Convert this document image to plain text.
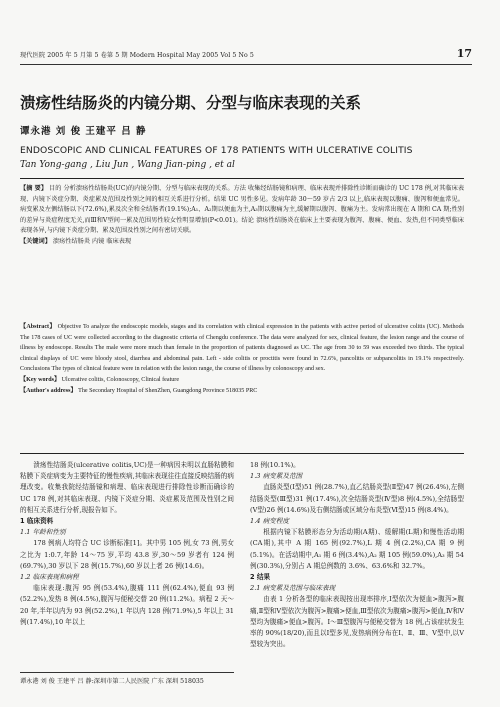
现代医院 2005 年 5 月第 5 卷第 5 期 Modern Hospital May 2005 Vol 5 No 5	17
溃疡性结肠炎的内镜分期、分型与临床表现的关系
谭永港 刘 俊 王建平 吕 静
ENDOSCOPIC AND CLINICAL FEATURES OF 178 PATIENTS WITH ULCERATIVE COLITIS
Tan Yong-gang , Liu Jun , Wang Jian-ping , et al
【摘 要】 目的 分析溃疡性结肠炎(UC)的内镜分期、分型与临床表现的关系。方法 收集经结肠镜和病理、临床表现并排除性诊断而确诊的 UC 178 例,对其临床表现、内镜下炎症分期、炎症累及范围及性别之间的相互关系进行分析。结果 UC 男性多见。发病年龄 30～59 岁占 2/3 以上,临床表现以腹痛、腹泻和便血常见。病变累及左侧结肠以下(72.6%),累及次全和全结肠者(19.1%);A₁、A₂期以便血为主,A₃期以腹痛为主,缓解期以腹泻、腹痛为主。发病常出现在 A 期和 CA 期;性别的差异与炎症程度无关,而Ⅲ和Ⅴ型间一累及范围男性较女性明显增加(P<0.01)。结论 溃疡性结肠炎在临床上主要表现为腹泻、腹痛、便血、发热,但不同类型临床表现各异,与内镜下炎症分期、累及范围及性别之间有密切关联。
【关键词】 溃疡性结肠炎 内镜 临床表现
【Abstract】 Objective To analyze the endoscopic models, stages and its correlation with clinical expression in the patients with active period of ulcerative colitis (UC). Methods The 178 cases of UC were collected according to the diagnostic criteria of Chengdu conference. The data were analyzed for sex, clinical feature, the lesion range and the course of illness by endoscope. Results The male were more much than female in the proportion of patients diagnosed as UC. The age from 30 to 59 was exceeded two thirds. The typical clinical displays of UC were bloody stool, diarrhea and abdominal pain. Left - side colitis or proctitis were found in 72.6%, pancolitis or subpancolitis in 19.1% respectively. Conclusions The types of clinical feature were in relation with the lesion range, the course of illness by colonoscopy and sex.
【Key words】 Ulcerative colitis, Colonoscopy, Clinical feature
【Author's address】 The Secondary Hospital of ShenZhen, Guangdong Province 518035 PRC

溃疡性结肠炎(ulcerative colitis,UC)是一种病因未明以直肠粘膜和粘膜下炎症病变为主要特征的慢性疾病,其临床表现往往直接反映结肠的病理改变。收集我院经结肠镜和病理、临床表现进行排除性诊断而确诊的 UC 178 例,对其临床表现、内镜下炎症分期、炎症累及范围及性别之间的相互关系进行分析,现报告如下。

1 临床资料

1.1 年龄和性别

178 例病人均符合 UC 诊断标准[1]。其中男 105 例,女 73 例,男女之比为 1:0.7,年龄 14～75 岁,平均 43.8 岁,30～59 岁者有 124 例(69.7%),30 岁以下 28 例(15.7%),60 岁以上者 26 例(14.6)。

1.2 临床表现和病程

临床表现:腹泻 95 例(53.4%),腹痛 111 例(62.4%),便血 93 例(52.2%),发热 8 例(4.5%),腹泻与便秘交替 20 例(11.2%)。病程 2 天～20 年,半年以内为 93 例(52.2%),1 年以内 128 例(71.9%),5 年以上 31 例(17.4%),10 年以上

谭永港 刘 俊 王建平 吕 静:深圳市第二人民医院 广东 深圳 518035

18 例(10.1%)。

1.3 病变累及范围

直肠炎型(Ⅰ型)51 例(28.7%),直乙结肠炎型(Ⅱ型)47 例(26.4%),左侧结肠炎型(Ⅲ型)31 例(17.4%),次全结肠炎型(Ⅳ型)8 例(4.5%),全结肠型(Ⅴ型)26 例(14.6%)及右侧结肠或区域分布炎型(Ⅵ型)15 例(8.4%)。

1.4 病变程度

根据内镜下粘膜形态分为活动期(A期)、缓解期(L期)和慢性活动期(CA期),其中 A 期 165 例(92.7%),L 期 4 例(2.2%),CA 期 9 例(5.1%)。在活动期中,A₁ 期 6 例(3.4%),A₂ 期 105 例(59.0%),A₃ 期 54 例(30.3%),分别占 A 期总例数的 3.6%、63.6%和 32.7%。

2 结果

2.1 病变累及范围与临床表现

由表 1 分析各型的临床表现按出现率排序,Ⅰ型依次为便血>腹泻>腹痛,Ⅱ型和Ⅴ型依次为腹泻>腹痛>便血,Ⅲ型依次为腹痛>腹泻>便血,Ⅳ和Ⅴ型均为腹痛>便血>腹泻。Ⅰ～Ⅲ型腹泻与便秘交替为 18 例,占该症状发生率的 90%(18/20),而且以Ⅰ型多见,发热病例分布在Ⅰ、Ⅱ、Ⅲ、Ⅴ型中,以Ⅴ型较为突出。
